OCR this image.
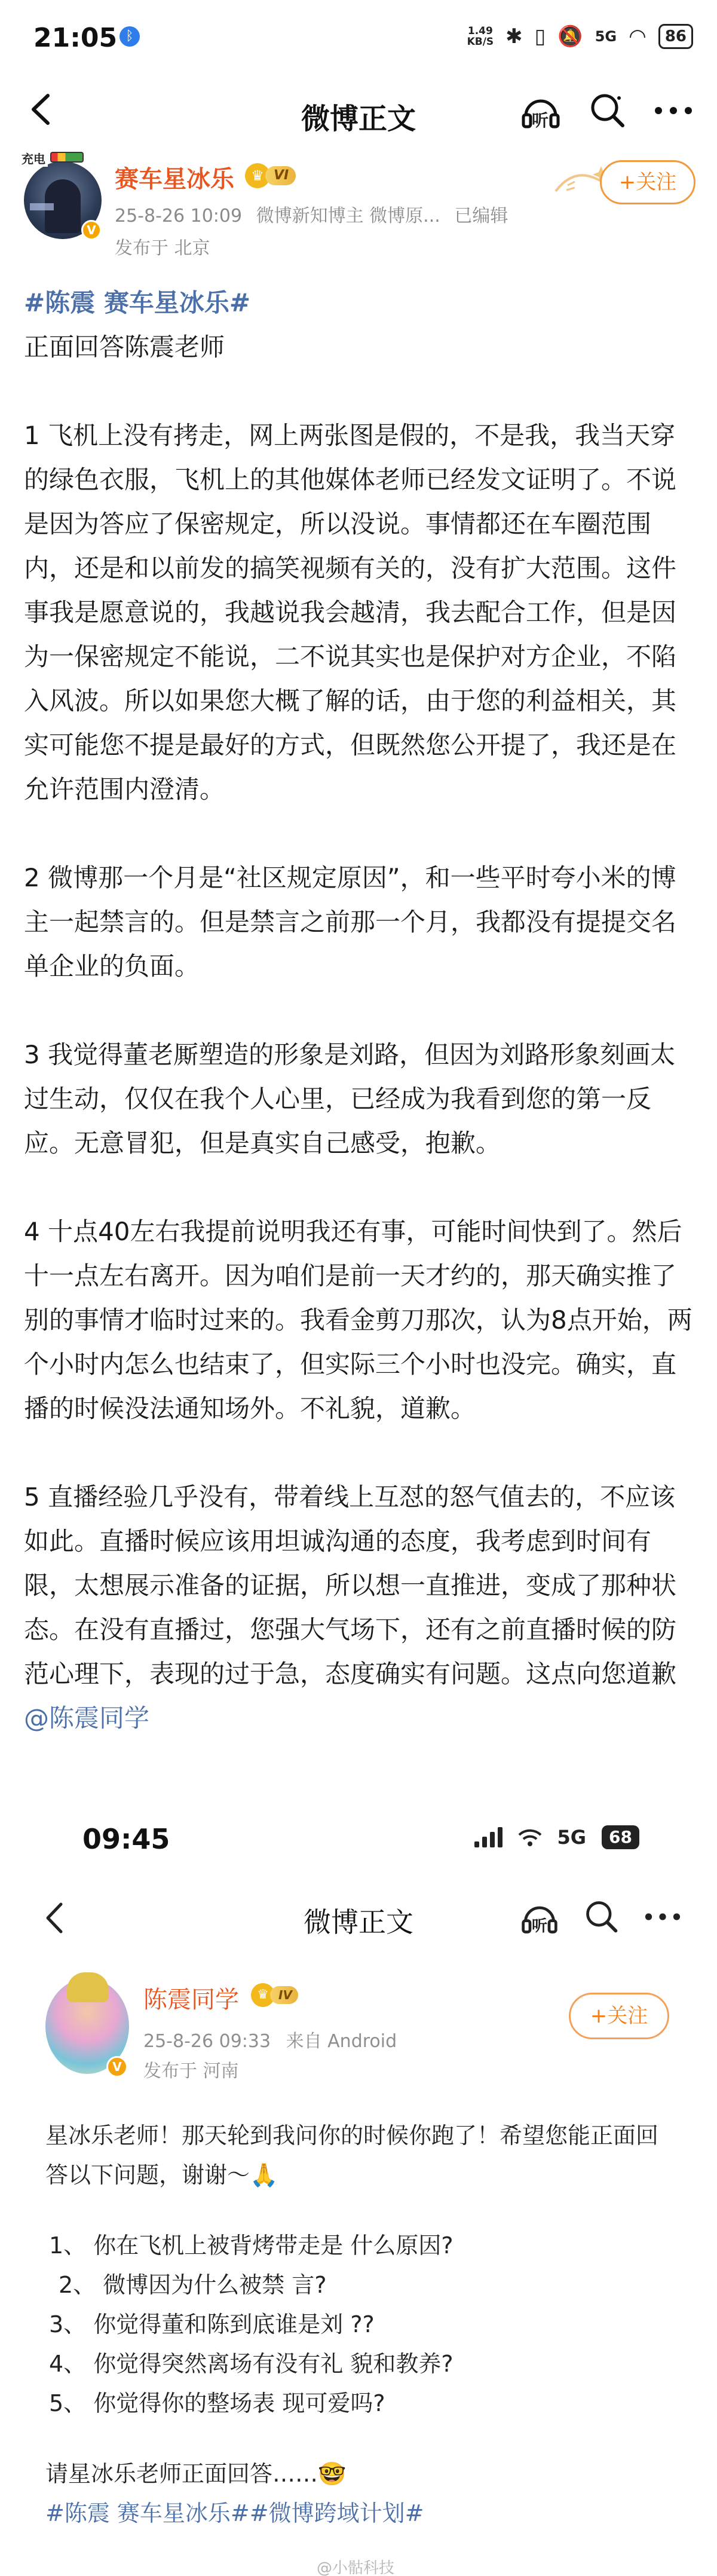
21:05 ᛒ	1.49
KB/S ✱ ▯ 🔕 5G ◠	86
微博正文	听
充电
V
赛车星冰乐	♛ VI	+关注
25-8-26 10:09 微博新知博主 微博原... 已编辑
发布于 北京

#陈震 赛车星冰乐#

正面回答陈震老师

1 飞机上没有拷走，网上两张图是假的，不是我，我当天穿的绿色衣服，飞机上的其他媒体老师已经发文证明了。不说是因为答应了保密规定，所以没说。事情都还在车圈范围内，还是和以前发的搞笑视频有关的，没有扩大范围。这件事我是愿意说的，我越说我会越清，我去配合工作，但是因为一保密规定不能说，二不说其实也是保护对方企业，不陷入风波。所以如果您大概了解的话，由于您的利益相关，其实可能您不提是最好的方式，但既然您公开提了，我还是在允许范围内澄清。

2 微博那一个月是“社区规定原因”，和一些平时夸小米的博主一起禁言的。但是禁言之前那一个月，我都没有提提交名单企业的负面。

3 我觉得董老厮塑造的形象是刘路，但因为刘路形象刻画太过生动，仅仅在我个人心里，已经成为我看到您的第一反应。无意冒犯，但是真实自己感受，抱歉。

4 十点40左右我提前说明我还有事，可能时间快到了。然后十一点左右离开。因为咱们是前一天才约的，那天确实推了别的事情才临时过来的。我看金剪刀那次，认为8点开始，两个小时内怎么也结束了，但实际三个小时也没完。确实，直播的时候没法通知场外。不礼貌，道歉。

5 直播经验几乎没有，带着线上互怼的怒气值去的，不应该如此。直播时候应该用坦诚沟通的态度，我考虑到时间有限，太想展示准备的证据，所以想一直推进，变成了那种状态。在没有直播过，您强大气场下，还有之前直播时候的防范心理下，表现的过于急，态度确实有问题。这点向您道歉@陈震同学

09:45	5G	68
微博正文	听
V
陈震同学	♛ IV
+关注
25-8-26 09:33 来自 Android
发布于 河南

星冰乐老师！那天轮到我问你的时候你跑了！希望您能正面回答以下问题，谢谢～🙏

1、 你在飞机上被背烤带走是 什么原因?

2、 微博因为什么被禁 言?

3、 你觉得董和陈到底谁是刘 ??

4、 你觉得突然离场有没有礼 貌和教养?

5、 你觉得你的整场表 现可爱吗?

请星冰乐老师正面回答……🤓

#陈震 赛车星冰乐##微博跨域计划#

@小骷科技
